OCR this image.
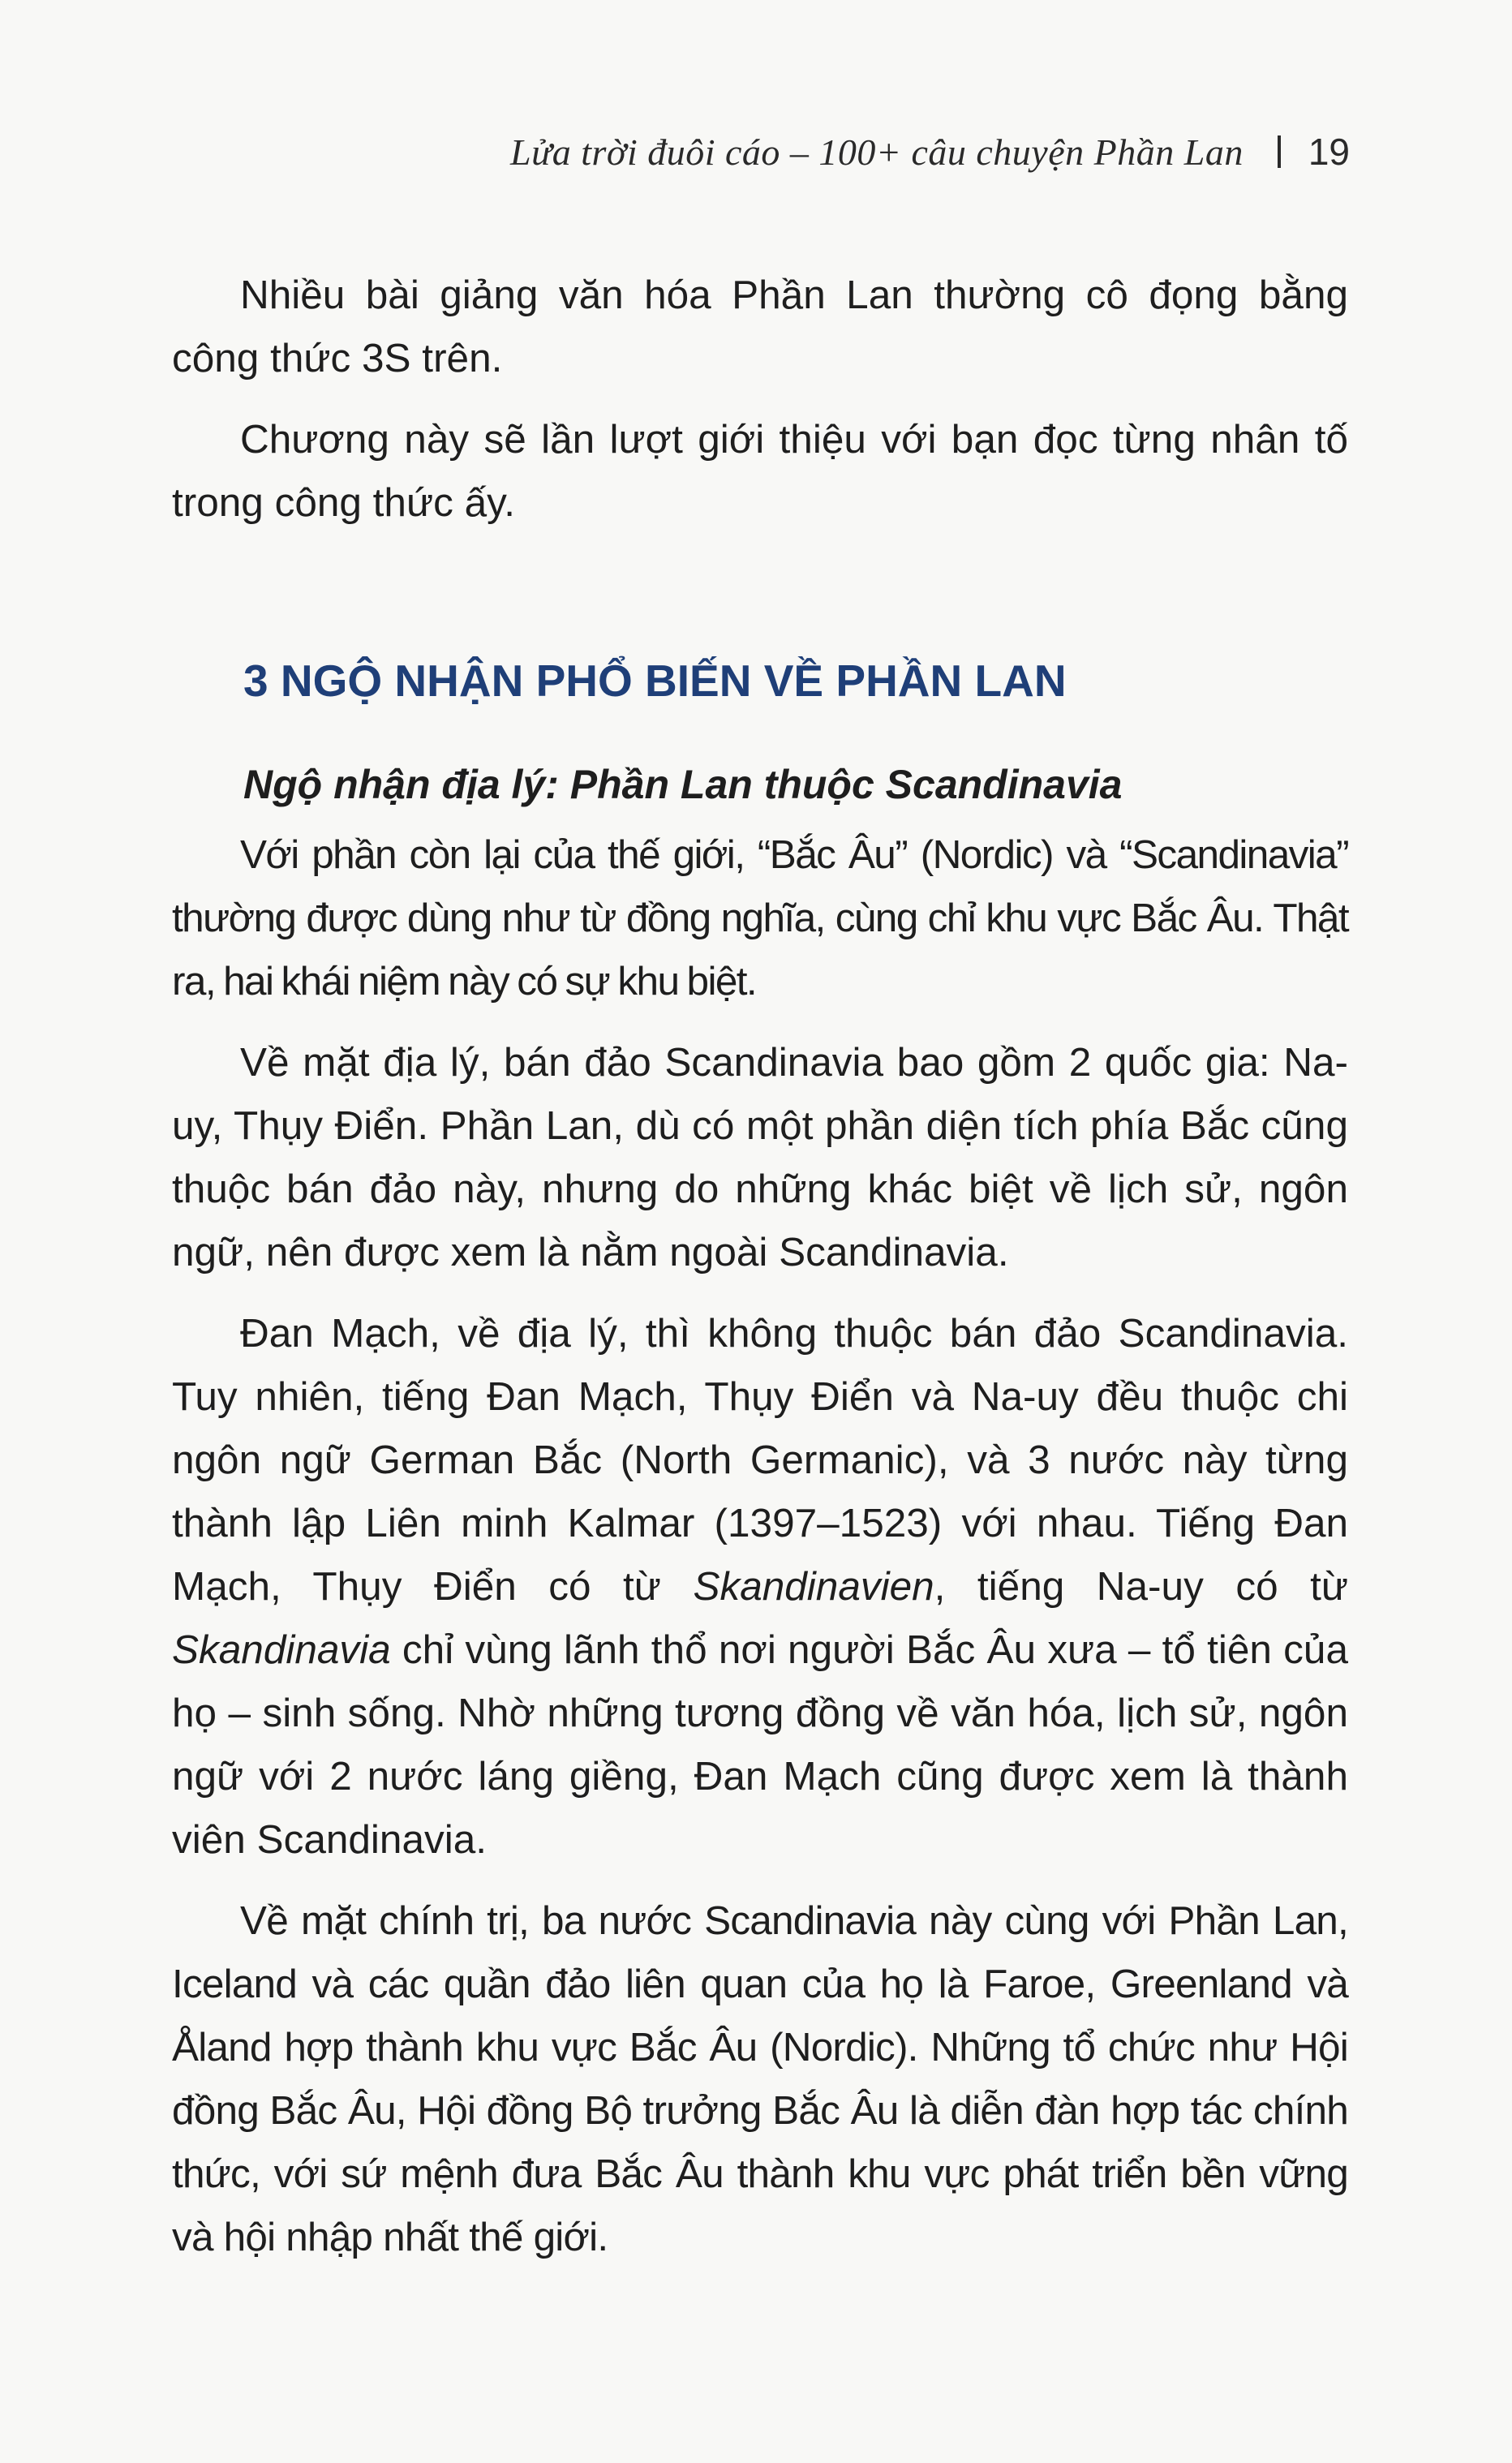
Lửa trời đuôi cáo – 100+ câu chuyện Phần Lan 19

Nhiều bài giảng văn hóa Phần Lan thường cô đọng bằng công thức 3S trên.

Chương này sẽ lần lượt giới thiệu với bạn đọc từng nhân tố trong công thức ấy.

3 NGỘ NHẬN PHỔ BIẾN VỀ PHẦN LAN
Ngộ nhận địa lý: Phần Lan thuộc Scandinavia

Với phần còn lại của thế giới, “Bắc Âu” (Nordic) và “Scandinavia” thường được dùng như từ đồng nghĩa, cùng chỉ khu vực Bắc Âu. Thật ra, hai khái niệm này có sự khu biệt.

Về mặt địa lý, bán đảo Scandinavia bao gồm 2 quốc gia: Na-uy, Thụy Điển. Phần Lan, dù có một phần diện tích phía Bắc cũng thuộc bán đảo này, nhưng do những khác biệt về lịch sử, ngôn ngữ, nên được xem là nằm ngoài Scandinavia.

Đan Mạch, về địa lý, thì không thuộc bán đảo Scandinavia. Tuy nhiên, tiếng Đan Mạch, Thụy Điển và Na-uy đều thuộc chi ngôn ngữ German Bắc (North Germanic), và 3 nước này từng thành lập Liên minh Kalmar (1397–1523) với nhau. Tiếng Đan Mạch, Thụy Điển có từ Skandinavien, tiếng Na-uy có từ Skandinavia chỉ vùng lãnh thổ nơi người Bắc Âu xưa – tổ tiên của họ – sinh sống. Nhờ những tương đồng về văn hóa, lịch sử, ngôn ngữ với 2 nước láng giềng, Đan Mạch cũng được xem là thành viên Scandinavia.

Về mặt chính trị, ba nước Scandinavia này cùng với Phần Lan, Iceland và các quần đảo liên quan của họ là Faroe, Greenland và Åland hợp thành khu vực Bắc Âu (Nordic). Những tổ chức như Hội đồng Bắc Âu, Hội đồng Bộ trưởng Bắc Âu là diễn đàn hợp tác chính thức, với sứ mệnh đưa Bắc Âu thành khu vực phát triển bền vững và hội nhập nhất thế giới.
